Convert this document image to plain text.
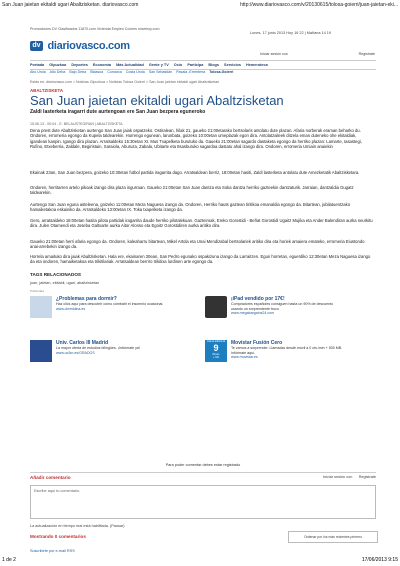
San Juan jaietan ekitaldi ugari Abaltzisketan. diariovasco.com	http://www.diariovasco.com/v/20130615/tolosa-goierri/juan-jaietan-eki...
Promociones DV Clasificados 11870.com Vivienda Empleo Coches miarrhoy.com
dv diariovasco.com
Lunes, 17 junio 2013 Hoy 16 22 | Mañana 14 19
Iniciar sesión con	Registrate
Portada Gipuzkoa Deportes Economía Más Actualidad Gente y TV Ocio Participa Blogs Servicios Hemeroteca
Alto Urola Alto Deba Bajo Deba Bidasoa Comarca Costa Urola San Sebastián Pasaia -Errenteria Tolosa-Goierri
Estás en: diariovasco.com > Noticias Gipuzkoa > Noticias Tolosa Goierri > San Juan jaietan ekitaldi ugari Abaltzisketan
ABALTZISKETA
San Juan jaietan ekitaldi ugari Abaltzisketan
Zaldi lasterketa iragarri dute aurtengoan ere San Juan bezpera eguneroko
15.06.13 - 00:04 - E. BELAUSTEGIRAN | ABALTZISKETA
Dena prest dute Abaltzisketan aurtengo San Juan jaiak ospatzeko. Ostiralean, hilak 21, gaueko 21:00etarako bertsolaris antolatu dute plazan. Afaria norberak eraman beharko du. Ondoren, erromeria egongo da Kupela taldearekin. Hurrengo egunean, larunbata, goizeko 10:00etan umeplazak egon dira. Antolatzaileek ditzela eman duteneko ohe ekitaldiak, igandean kanpin. Igango dira plazan. Arratsaldeko 15:30etan XI. Mus Txapelketa burutuko da. Gaueko 21:00etan sagardo dastaketa egongo da herriko plazan: Lamarte, Iasastegi, Rufino, Etxeberria, Zaldale, Begiristain, Saraiola, Aburuza, Zabala, Ubitarte eta Itsasburuko sagardoa dastatu ahal izango dira. Ondoren, erromeria Umiain anaiekin
Ekainak 23an, San Juan bezpera, goizeko 10:30etan futbol partida iragarrita dago. Arratsaldean berriz, 18:00etan hasiti, Zaldi lasterketa antolatu dute Amezketatik Abaltzisketara.
Ondoren, herritarren artelo pikoak izango dira plaza ingurraan. Gaueko 21:00etan San Juan dantza eta Soka dantza herriko gazteekin dantzaturik. Jarraian, dantzaldia Gugatz taldearekin.
Aurtengo San Juan eguna asteleena, goizeko 11:00etan Meza Naguesa izango da. Ondoren, Herriko hauts gaztean tiritikoa emanaldia egongo da. Bitartean, jubilatuentzako hamaiketakoa eskainiko da. Arratsaldeko 13:00etan IX. Toka txapelketa izango da.
Gero, arratsaldeko 18:00etan hasita pilota partidak iragarrita daude herriko pilotalekuan. Gazteiroak, Ereko Gorostidi - Beñat Gorostidi Ugaitz Mujika eta Ander Balendiran aurka neurkitu dira. Julen Otamendi eta Joseba Galtxarte aurka Aitor Alonso eta Egoitz Gorostidiren aurka aritiko dira.
Gaueko 21:00etan herri afaria egongo da. Ondoren, kaleaharru bitartean, Mikel Artola eta Unai Mendizabal bertsolariek aritiko dira eta horiek amaiera emateko, erromeria Eiustondo anai-arrebekin izango da.
Horrela amaituko dira jaiak Abaltzisketan. Hala ere, ekainaren 30ean, San Pedro egunako ospakizuna izango da Larraitzen. Egun horretan, eguerdiko 12:30etan Meza Naguesa izango da eta ondoren, hamaiketakoa eta trikitilariak. Arratsaldean berriro trikitixa lurdinen arte egongo da.
TAGS RELACIONADOS
juan, jaietan, ekitaldi, ugari, abaltzisketan
Publicidad
¿Problemas para dormir?
Haz click aquí para descubrir cómo combatir el insomnio ocasional.
www.dormidina.es
¡iPad vendido por 17€!
Compradores españoles consiguen hasta un 90% de descuento usando un sorprendente truco
www.megabargains24.com
Univ. Carlos III Madrid
La mayor oferta de estudios bilingües. ¡Infórmate ya!
www.uc3m.es/GRADOS
Llama adicional
9
€/mes
+ IVA
Movistar Fusión Cero
Te vamos a sorprender. Llamadas desde móvil a 0 cts./min + 500 MB. Infórmate aquí.
www.movistar.es
Para poder comentar debes estar registrado
Añadir comentario	Iniciar sesión con Registrate
Escribe aquí tu comentario.
La actualización en tiempo real está habilitada. (Pausar)
Mostrando 0 comentarios	Ordenar por los más recientes primero
Suscribirte por e-mail RSS
1 de 2	17/06/2013 9:15
